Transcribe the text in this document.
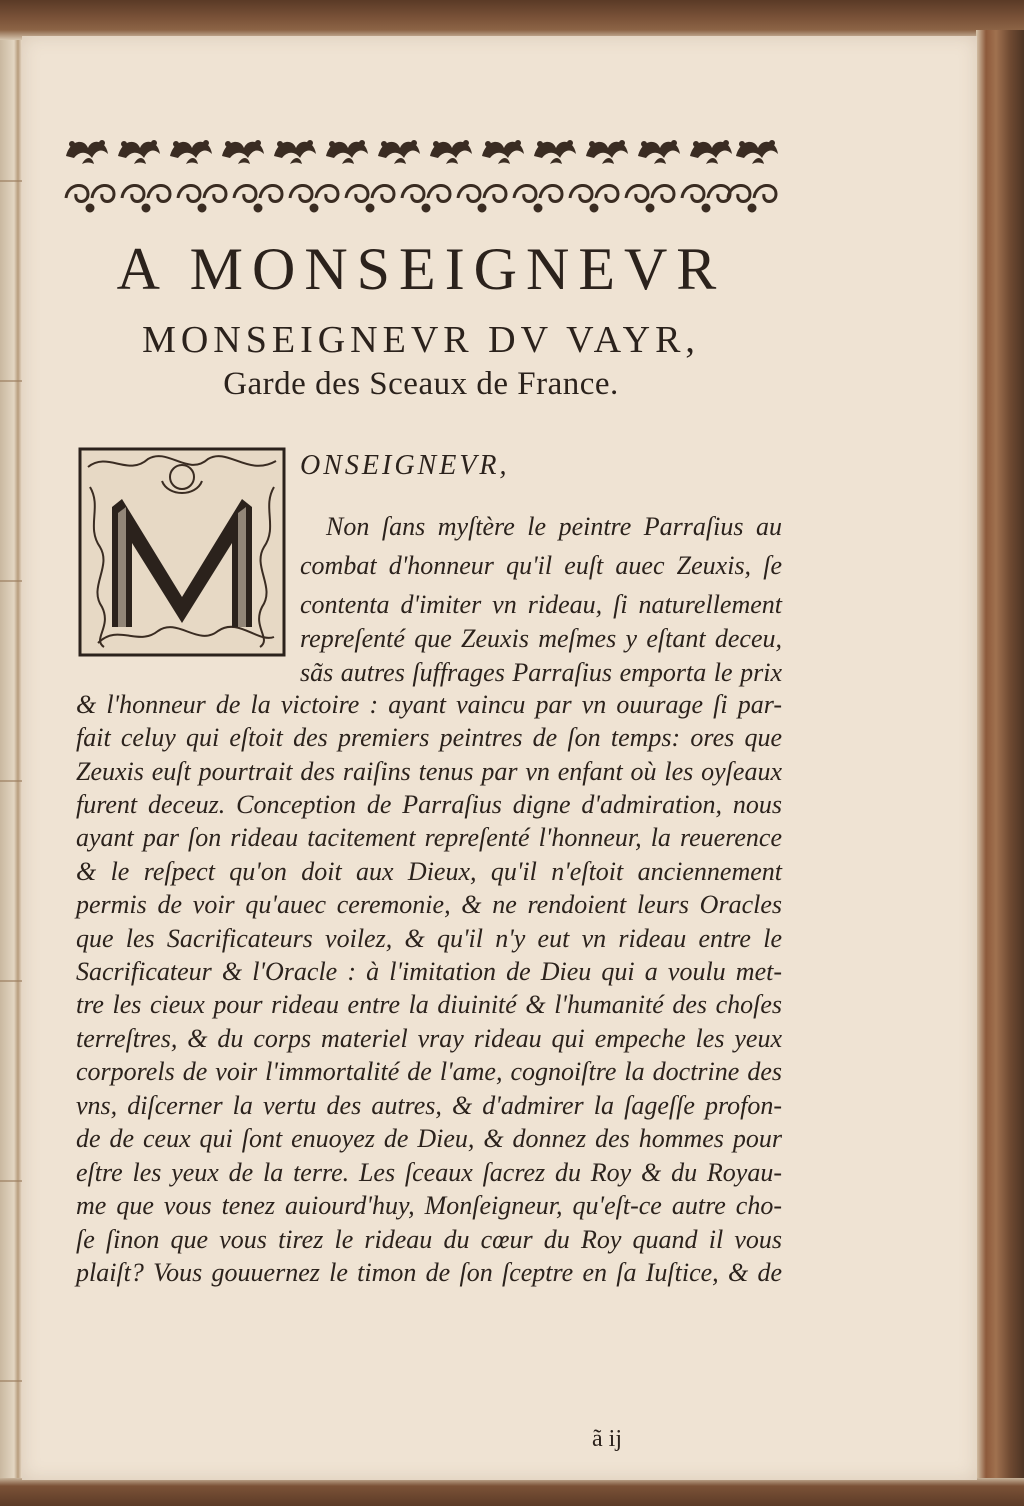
A MONSEIGNEVR
MONSEIGNEVR DV VAYR,
Garde des Sceaux de France.
ONSEIGNEVR,
Non ſans myſtère le peintre Parraſius au
combat d'honneur qu'il euſt auec Zeuxis, ſe
contenta d'imiter vn rideau, ſi naturellement
repreſenté que Zeuxis meſmes y eſtant deceu,
sãs autres ſuffrages Parraſius emporta le prix
& l'honneur de la victoire : ayant vaincu par vn ouurage ſi par-
fait celuy qui eſtoit des premiers peintres de ſon temps: ores que
Zeuxis euſt pourtrait des raiſins tenus par vn enfant où les oyſeaux
furent deceuz. Conception de Parraſius digne d'admiration, nous
ayant par ſon rideau tacitement repreſenté l'honneur, la reuerence
& le reſpect qu'on doit aux Dieux, qu'il n'eſtoit anciennement
permis de voir qu'auec ceremonie, & ne rendoient leurs Oracles
que les Sacrificateurs voilez, & qu'il n'y eut vn rideau entre le
Sacrificateur & l'Oracle : à l'imitation de Dieu qui a voulu met-
tre les cieux pour rideau entre la diuinité & l'humanité des choſes
terreſtres, & du corps materiel vray rideau qui empeche les yeux
corporels de voir l'immortalité de l'ame, cognoiſtre la doctrine des
vns, diſcerner la vertu des autres, & d'admirer la ſageſſe profon-
de de ceux qui ſont enuoyez de Dieu, & donnez des hommes pour
eſtre les yeux de la terre. Les ſceaux ſacrez du Roy & du Royau-
me que vous tenez auiourd'huy, Monſeigneur, qu'eſt-ce autre cho-
ſe ſinon que vous tirez le rideau du cœur du Roy quand il vous
plaiſt? Vous gouuernez le timon de ſon ſceptre en ſa Iuſtice, & de
ã ij
